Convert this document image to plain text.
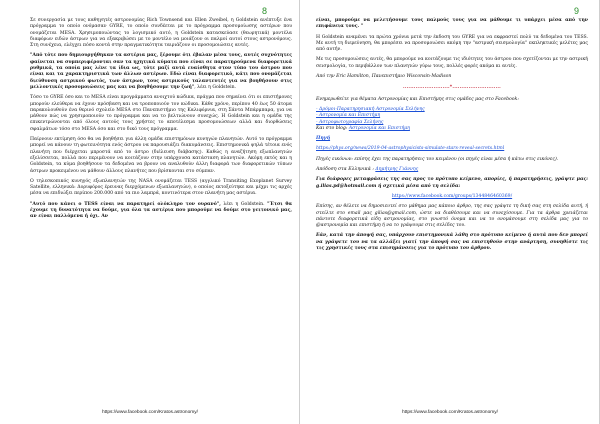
8

Σε συνεργασία με τους καθηγητές αστρονομίας Rich Townsend και Ellen Zweibel, η Goldstein ανέπτυξε ένα πρόγραμμα το οποίο ονόμασαν GYRE, το οποίο συνδέεται με το πρόγραμμα προσομοίωσης αστέρων που ονομάζεται MESA. Χρησιμοποιώντας το λογισμικό αυτό, η Goldstein κατασκεύασε (θεωρητικά) μοντέλα διαφόρων ειδών άστρων για να εξακριβώσει με το μοντέλο να μοιάζουν οι παλμοί αυτοί στους αστρονόμους. Στη συνέχεια, ελέγχει πόσο κοντά στην πραγματικότητα ταιριάζουν οι προσομοιώσεις αυτές.

"Από τότε που δημιουργήθηκαν τα αστέρια μας, ξέρουμε ότι έβαλαν μέσα τους, αυτές συχνότητες φαίνεται να συμπεριφέρονται σαν τα ηχητικά κύματα που είναι σε παρατηρούμενα διαφορετικά ρυθμικά, τα οποία μας λένε τα ίδια ως, τότε μαζί αυτά ευαίσθητα στον τύπο του άστρου που είναι και τα χαρακτηριστικά των άλλων αστέρων. Εδώ είναι διαφορετικό, κάτι που ονομάζεται διεύθυνση αστρικού φωτός, των άστρων, τους αστρικούς ταλαντευτές για να βοηθήσουν στις μελλοντικές προσομοιώσεις μας και να βοηθήσουμε την ζωή", λέει η Goldstein.

Τόσο το GYRE όσο και το MESA είναι προγράμματα ανοιχτού κώδικα, πράγμα που σημαίνει ότι οι επιστήμονες μπορούν ελεύθερα να έχουν πρόσβαση και να τροποποιούν τον κώδικα. Κάθε χρόνο, περίπου 40 έως 50 άτομα παρακολουθούν ένα θερινό σχολείο MESA στο Πανεπιστήμιο της Καλιφόρνια, στη Σάντα Μπάρμπαρα, για να μάθουν πώς να χρησιμοποιούν το πρόγραμμα και να το βελτιώνουν συνεχώς. Η Goldstein και η ομάδα της επικεντρώνονται από όλους αυτούς τους χρήστες το αποτέλεσμα προσομοιώσεων αλλά και διορθώσεις σφαλμάτων τόσο στο MESA όσο και στο δικό τους πρόγραμμα.

Παίρνουν εκτίμηση όσο θα να βοηθήσει για άλλη ομάδα επιστημόνων κυνηγών πλανητών. Αυτό το πρόγραμμα μπορεί να κάνουν τη φωτεινότητα ενός άστρου να παρουσιάζει διακυμάνσεις. Επιστημονικά ψηλά τέτοια ενός πλανήτη που διέρχεται μπροστά από το άστρο (διέλευση διάβασης). Καθώς η αναζήτηση εξωπλανητών εξελίσσεται, πολλά που περιμένουν να κοιτάζουν στην υπάρχουσα κατάσταση πλανητών. Ακόμη εκτός και η Goldstein, τα κύμα βοηθήσουν τα δεδομένα να βρουν να αναλυθούν άλλη διαφορά των διαφορετικών τύπων άστρων προκειμένου να μάθουν άλλους πλανήτες που βρίσκονται στο σύμπαν.

Ο τηλεσκοπικός κυνηγός εξωπλανητών της NASA ονομάζεται TESS (αγγλικό Transiting Exoplanet Survey Satellite, ελληνικά: Δορυφόρος έρευνας διερχόμενων εξωπλανητών), ο οποίος εκτοξεύτηκε και μέχρι τις αρχές μέσα να επιδιώξει περίπου 200.000 από τα πιο λαμπρά, κοντινότερα στον πλανήτη μας αστέρια.

"Αυτό που κάνει ο TESS είναι να παρατηρεί ολόκληρο τον ουρανό", λέει η Goldstein. "Έτσι θα έχουμε τη δυνατότητα να δούμε, για όλα τα αστέρια που μπορούμε να δούμε στο γειτονικό μας, αν είναι παλλόμενα ή όχι. Αν

https://www.facebook.com/Kratos.astronomy/
9

είναι, μπορούμε να μελετήσουμε τους παλμούς τους για να μάθουμε τι υπάρχει μέσα από την επιφάνεια τους. "

Η Goldstein αναμένει τα πρώτα χρόνια μετά την έκδοση του GYRE για να εκφραστεί πολύ τα δεδομένα του TESS. Με αυτή τη διερεύνηση, θα μπορέσει να προσομοιώσει ακόμη την "αστρική σεισμολογία" εκπληκτικές μελέτες μας από αυτήν.

Με τις προσομοιώσεις αυτές, θα μπορούμε να κοιτάζουμε τις ιδιότητες του άστρου που σχετίζονται με την αστρική σεισμολογία, το περιβάλλον των πλανητών γύρω τους, πολλές φορές ακόμα κι αυτές.

Από την Eric Hamilton, Πανεπιστήμιο Wisconsin-Madison

..........................*...........................

Ενημερωθείτε για θέματα Αστρονομίας και Επιστήμης στις ομάδες μας στο Facebook:

- Δρόμοι-Παρατηρησιακή Αστρονομία Σελήνης
- Αστρονομία και Επιστήμη
- Αστροφωτογραφία Σελήνης
Και στο blog: Αστρονομία και Επιστήμη

Πηγή

https://phys.org/news/2019-04-astrophysicists-simulate-stars-reveal-secrets.html

Πηγές εικόνων: επίσης έχει της παρατηρήσεις του κειμένου (οι πηγές είναι μέσα ή κάτω στις εικόνες).

Απόδοση στα Ελληνικά : Δημήτρης Γιάννης

Για διάφορες μεταφράσεις της σας προς το πρότυπο κείμενο, απορίες, ή παρατηρήσεις, γράψτε μας: g.ilias.pd@hotmail.com ή σχετικά μέσα από τη σελίδα:

https://www.facebook.com/groups/1344846460369/

Επίσης, αν θέλετε να δημοσιευτεί στο μάθημα μας κάποιο άρθρο, της σας γράψτε τη δική σας στη σελίδα αυτή, ή στείλτε στο email μας gilias@gmail.com, ώστε να διαθέσουμε και να συνεχίσουμε. Για τα άρθρα χρειάζεται πάντοτε διαφορετικά είδη αστρονομίας, στο γνωστό όνομα και να το ονομάσουμε στη σελίδα μας για το @αστρονομία και επιστήμη ή να το γράψουμε στις σελίδες του.

Εάν, κατά την άποψή σας, υπάρχουν επιστημονικά λάθη στο πρότυπο κείμενο ή αυτά που δεν μπορεί να γράψετε του να τα αλλάξει γιατί την άποψή σας να επιστηθούν στην ανάρτηση, συνηθίστε τις τις χρηστικές τους στα επισημάνσεις για το πρότυπο του άρθρου.

https://www.facebook.com/Kratos.astronomy/
